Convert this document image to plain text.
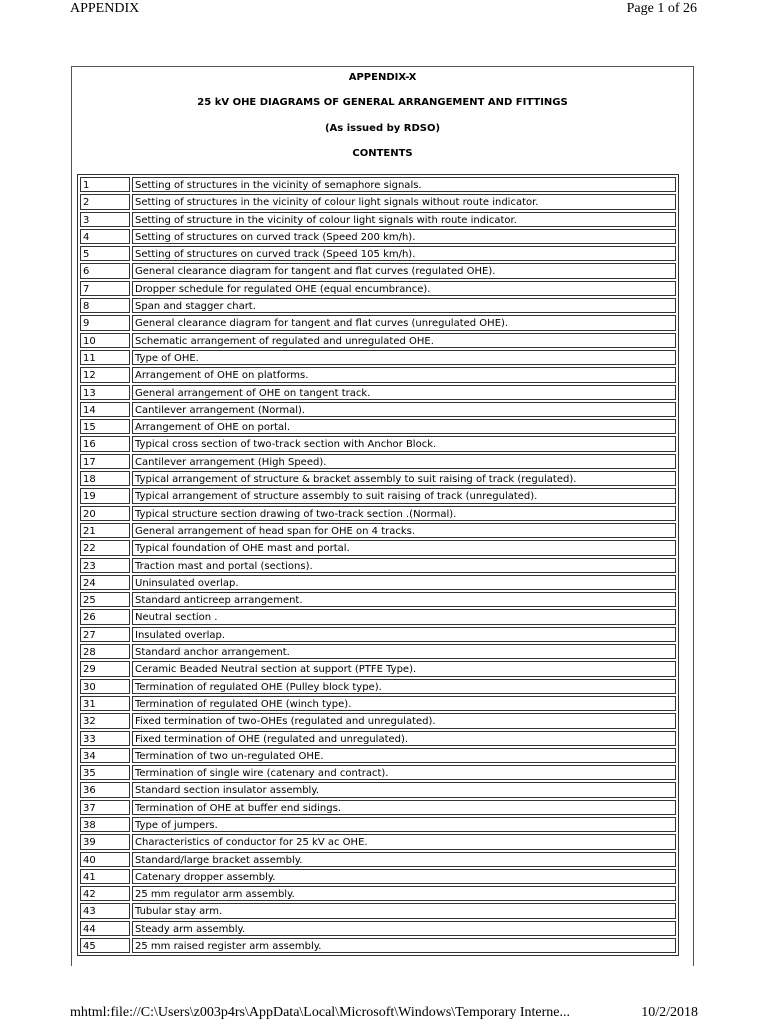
APPENDIX	Page 1 of 26
APPENDIX-X
25 kV OHE DIAGRAMS OF GENERAL ARRANGEMENT AND FITTINGS
(As issued by RDSO)
CONTENTS
1	Setting of structures in the vicinity of semaphore signals.
2	Setting of structures in the vicinity of colour light signals without route indicator.
3	Setting of structure in the vicinity of colour light signals with route indicator.
4	Setting of structures on curved track (Speed 200 km/h).
5	Setting of structures on curved track (Speed 105 km/h).
6	General clearance diagram for tangent and flat curves (regulated OHE).
7	Dropper schedule for regulated OHE (equal encumbrance).
8	Span and stagger chart.
9	General clearance diagram for tangent and flat curves (unregulated OHE).
10	Schematic arrangement of regulated and unregulated OHE.
11	Type of OHE.
12	Arrangement of OHE on platforms.
13	General arrangement of OHE on tangent track.
14	Cantilever arrangement (Normal).
15	Arrangement of OHE on portal.
16	Typical cross section of two-track section with Anchor Block.
17	Cantilever arrangement (High Speed).
18	Typical arrangement of structure & bracket assembly to suit raising of track (regulated).
19	Typical arrangement of structure assembly to suit raising of track (unregulated).
20	Typical structure section drawing of two-track section .(Normal).
21	General arrangement of head span for OHE on 4 tracks.
22	Typical foundation of OHE mast and portal.
23	Traction mast and portal (sections).
24	Uninsulated overlap.
25	Standard anticreep arrangement.
26	Neutral section .
27	Insulated overlap.
28	Standard anchor arrangement.
29	Ceramic Beaded Neutral section at support (PTFE Type).
30	Termination of regulated OHE (Pulley block type).
31	Termination of regulated OHE (winch type).
32	Fixed termination of two-OHEs (regulated and unregulated).
33	Fixed termination of OHE (regulated and unregulated).
34	Termination of two un-regulated OHE.
35	Termination of single wire (catenary and contract).
36	Standard section insulator assembly.
37	Termination of OHE at buffer end sidings.
38	Type of jumpers.
39	Characteristics of conductor for 25 kV ac OHE.
40	Standard/large bracket assembly.
41	Catenary dropper assembly.
42	25 mm regulator arm assembly.
43	Tubular stay arm.
44	Steady arm assembly.
45	25 mm raised register arm assembly.
mhtml:file://C:\Users\z003p4rs\AppData\Local\Microsoft\Windows\Temporary Interne...	10/2/2018
